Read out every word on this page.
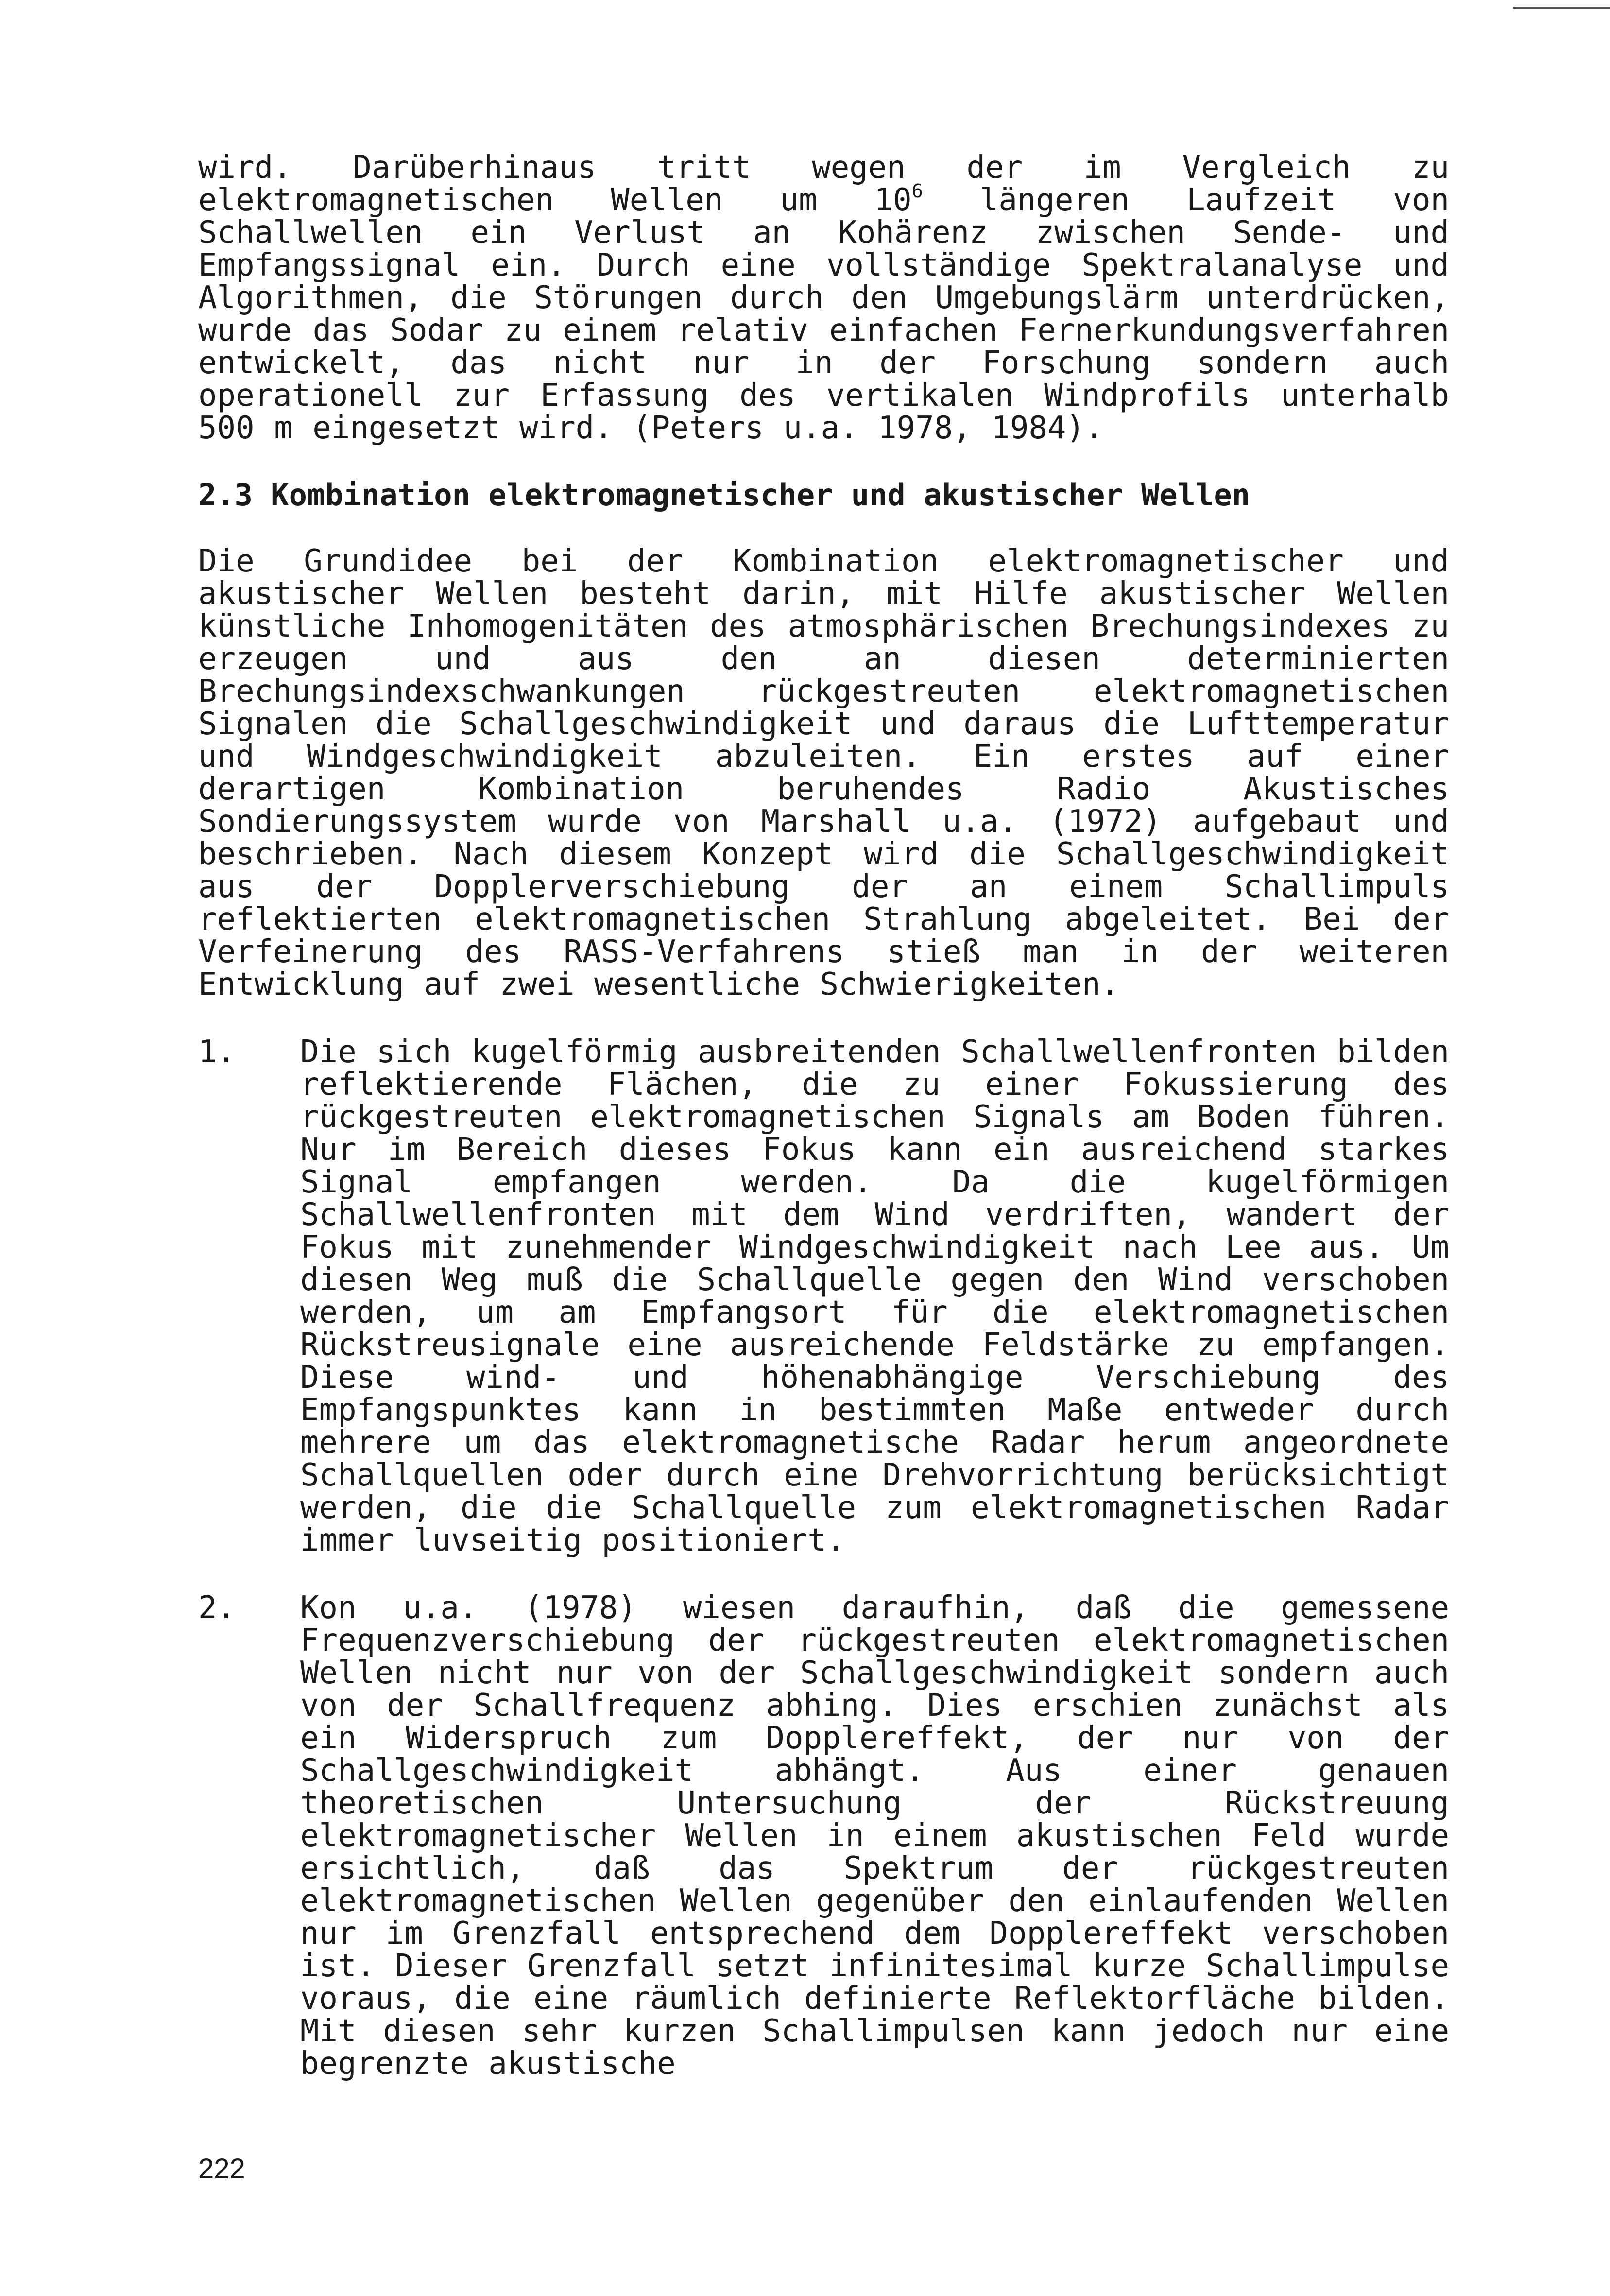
wird. Darüberhinaus tritt wegen der im Vergleich zu elektromagnetischen Wellen um $10^6$ längeren Laufzeit von Schallwellen ein Verlust an Kohärenz zwischen Sende- und Empfangssignal ein. Durch eine vollständige Spektralanalyse und Algorithmen, die Störungen durch den Umgebungslärm unterdrücken, wurde das Sodar zu einem relativ einfachen Fernerkundungsverfahren entwickelt, das nicht nur in der Forschung sondern auch operationell zur Erfassung des vertikalen Windprofils unterhalb 500 m eingesetzt wird. (Peters u.a. 1978, 1984).

2.3 Kombination elektromagnetischer und akustischer Wellen

Die Grundidee bei der Kombination elektromagnetischer und akustischer Wellen besteht darin, mit Hilfe akustischer Wellen künstliche Inhomogenitäten des atmosphärischen Brechungsindexes zu erzeugen und aus den an diesen determinierten Brechungsindexschwankungen rückgestreuten elektromagnetischen Signalen die Schallgeschwindigkeit und daraus die Lufttemperatur und Windgeschwindigkeit abzuleiten. Ein erstes auf einer derartigen Kombination beruhendes Radio Akustisches Sondierungssystem wurde von Marshall u.a. (1972) aufgebaut und beschrieben. Nach diesem Konzept wird die Schallgeschwindigkeit aus der Dopplerverschiebung der an einem Schallimpuls reflektierten elektromagnetischen Strahlung abgeleitet. Bei der Verfeinerung des RASS-Verfahrens stieß man in der weiteren Entwicklung auf zwei wesentliche Schwierigkeiten.

1.	Die sich kugelförmig ausbreitenden Schallwellenfronten bilden reflektierende Flächen, die zu einer Fokussierung des rückgestreuten elektromagnetischen Signals am Boden führen. Nur im Bereich dieses Fokus kann ein ausreichend starkes Signal empfangen werden. Da die kugelförmigen Schallwellenfronten mit dem Wind verdriften, wandert der Fokus mit zunehmender Windgeschwindigkeit nach Lee aus. Um diesen Weg muß die Schallquelle gegen den Wind verschoben werden, um am Empfangsort für die elektromagnetischen Rückstreusignale eine ausreichende Feldstärke zu empfangen. Diese wind- und höhenabhängige Verschiebung des Empfangspunktes kann in bestimmten Maße entweder durch mehrere um das elektromagnetische Radar herum angeordnete Schallquellen oder durch eine Drehvorrichtung berücksichtigt werden, die die Schallquelle zum elektromagnetischen Radar immer luvseitig positioniert.

2.	Kon u.a. (1978) wiesen daraufhin, daß die gemessene Frequenzverschiebung der rückgestreuten elektromagnetischen Wellen nicht nur von der Schallgeschwindigkeit sondern auch von der Schallfrequenz abhing. Dies erschien zunächst als ein Widerspruch zum Dopplereffekt, der nur von der Schallgeschwindigkeit abhängt. Aus einer genauen theoretischen Untersuchung der Rückstreuung elektromagnetischer Wellen in einem akustischen Feld wurde ersichtlich, daß das Spektrum der rückgestreuten elektromagnetischen Wellen gegenüber den einlaufenden Wellen nur im Grenzfall entsprechend dem Dopplereffekt verschoben ist. Dieser Grenzfall setzt infinitesimal kurze Schallimpulse voraus, die eine räumlich definierte Reflektorfläche bilden. Mit diesen sehr kurzen Schallimpulsen kann jedoch nur eine begrenzte akustische

222
